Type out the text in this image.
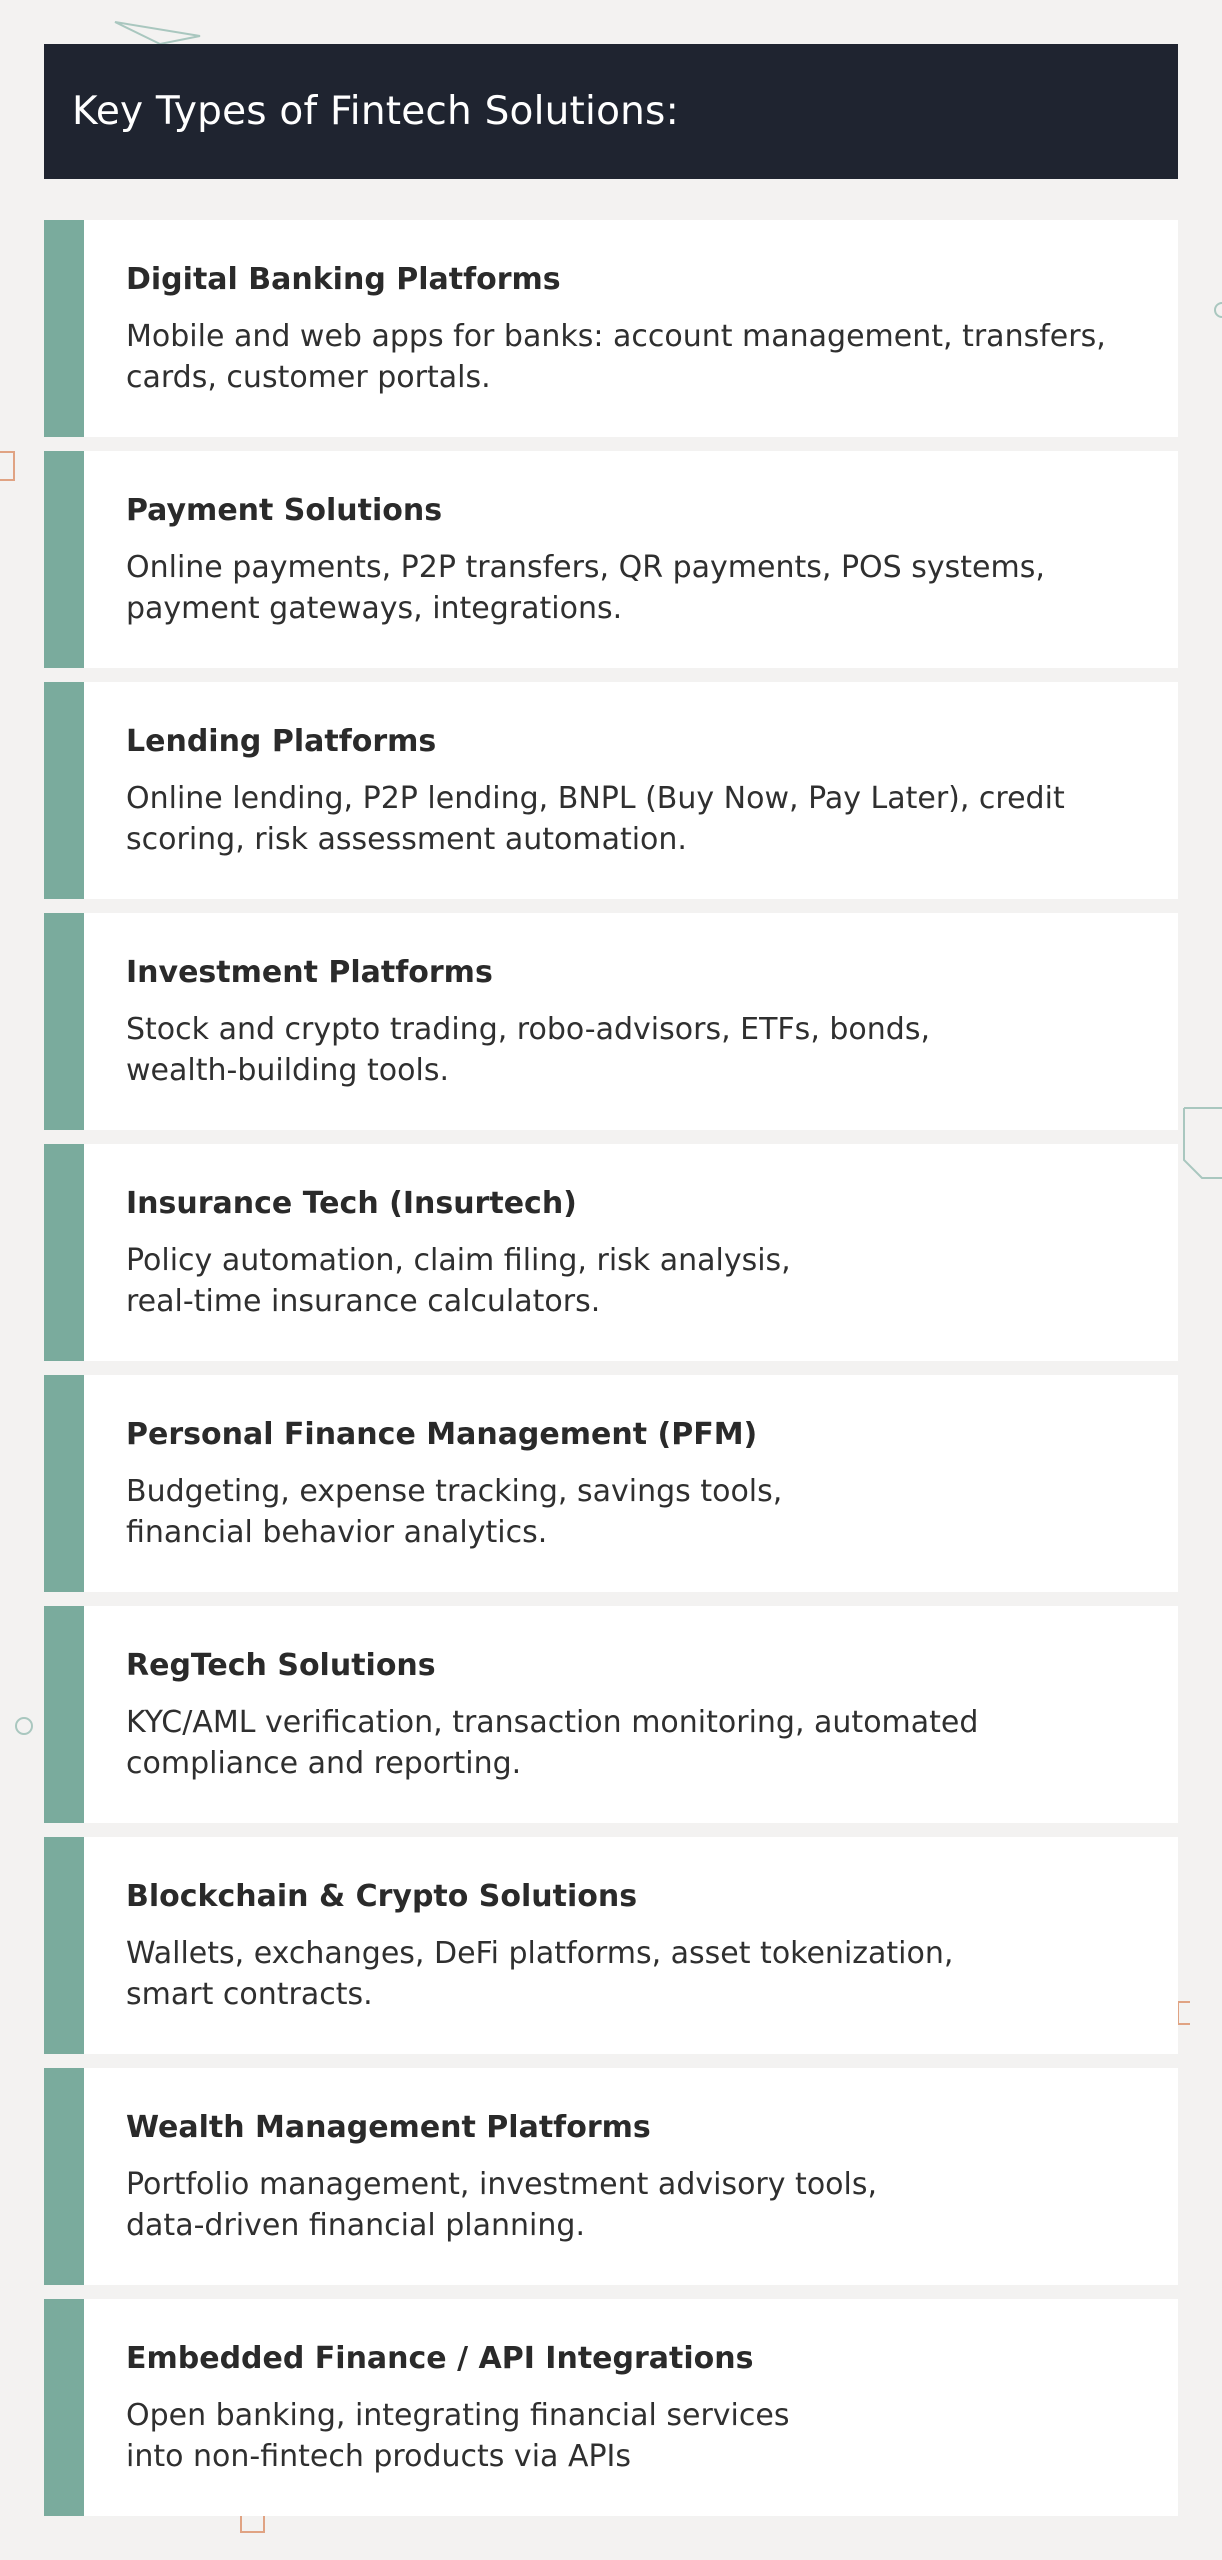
Key Types of Fintech Solutions:
Digital Banking Platforms

Mobile and web apps for banks: account management, transfers,
cards, customer portals.

Payment Solutions

Online payments, P2P transfers, QR payments, POS systems,
payment gateways, integrations.

Lending Platforms

Online lending, P2P lending, BNPL (Buy Now, Pay Later), credit
scoring, risk assessment automation.

Investment Platforms

Stock and crypto trading, robo-advisors, ETFs, bonds,
wealth-building tools.

Insurance Tech (Insurtech)

Policy automation, claim filing, risk analysis,
real-time insurance calculators.

Personal Finance Management (PFM)

Budgeting, expense tracking, savings tools,
financial behavior analytics.

RegTech Solutions

KYC/AML verification, transaction monitoring, automated
compliance and reporting.

Blockchain & Crypto Solutions

Wallets, exchanges, DeFi platforms, asset tokenization,
smart contracts.

Wealth Management Platforms

Portfolio management, investment advisory tools,
data-driven financial planning.

Embedded Finance / API Integrations

Open banking, integrating financial services
into non-fintech products via APIs
